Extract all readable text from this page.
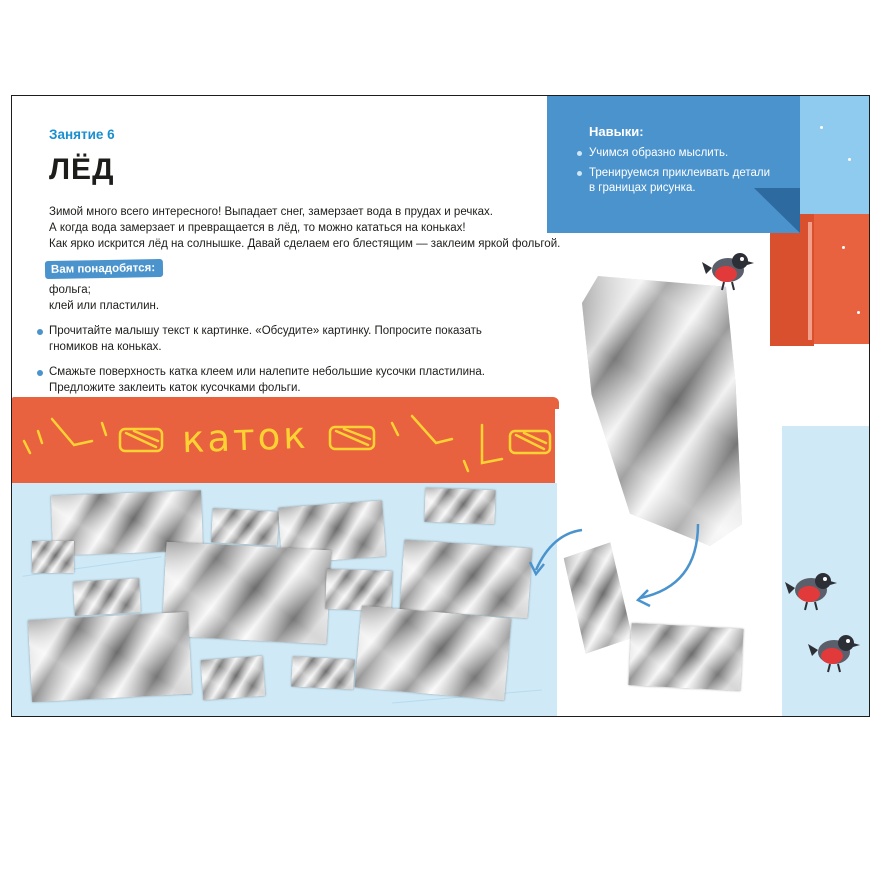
Навыки:
Учимся образно мыслить.
Тренируемся приклеивать детали в границах рисунка.
Занятие 6
ЛЁД
Зимой много всего интересного! Выпадает снег, замерзает вода в прудах и речках.
А когда вода замерзает и превращается в лёд, то можно кататься на коньках!
Как ярко искрится лёд на солнышке. Давай сделаем его блестящим — заклеим яркой фольгой.
Вам понадобятся:
фольга;
клей или пластилин.
Прочитайте малышу текст к картинке. «Обсудите» картинку. Попросите показать гномиков на коньках.
Смажьте поверхность катка клеем или налепите небольшие кусочки пластилина. Предложите заклеить каток кусочками фольги.
каток
